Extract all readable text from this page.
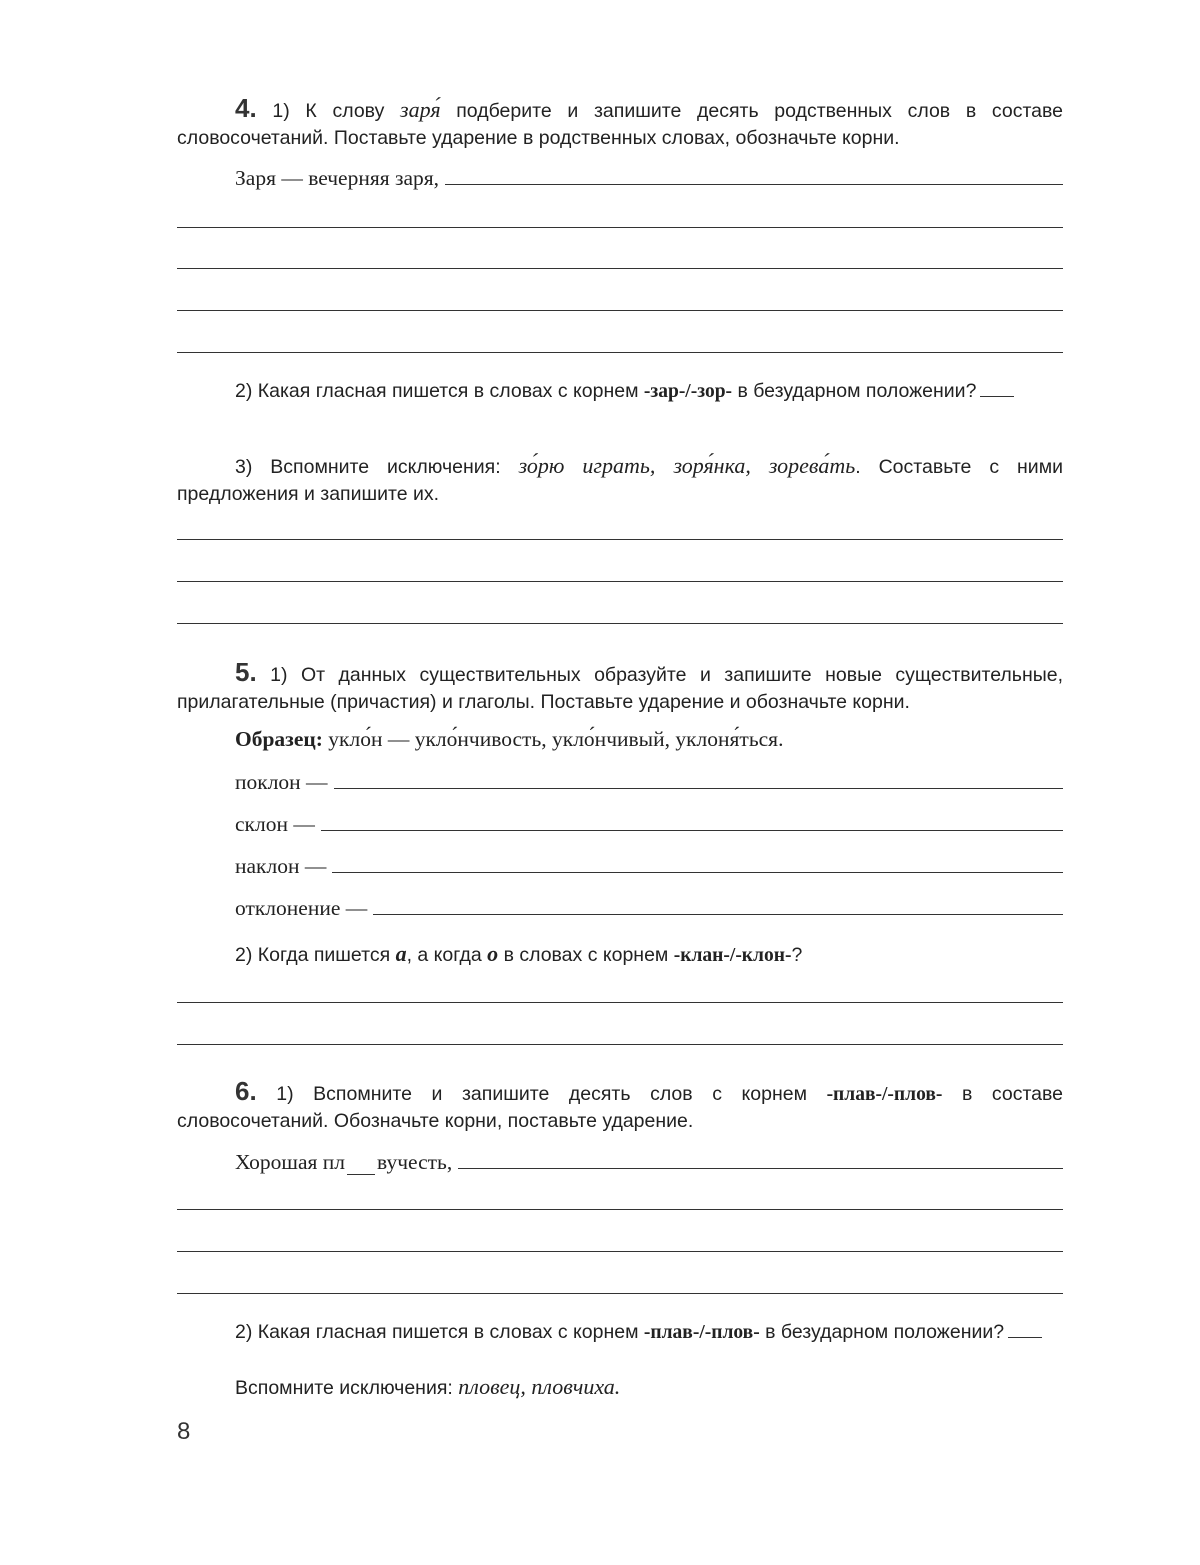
4. 1) К слову заря́ подберите и запишите десять родственных слов в составе словосочетаний. Поставьте ударение в родственных словах, обозначьте корни.
Заря — вечерняя заря,
2) Какая гласная пишется в словах с корнем -зар-/-зор- в безударном положении?
3) Вспомните исключения: зо́рю играть, зоря́нка, зорева́ть. Составьте с ними предложения и запишите их.
5. 1) От данных существительных образуйте и запишите новые существительные, прилагательные (причастия) и глаголы. Поставьте ударение и обозначьте корни.
Образец: укло́н — укло́нчивость, укло́нчивый, уклоня́ться.
поклон —
склон —
наклон —
отклонение —
2) Когда пишется а, а когда о в словах с корнем -клан-/-клон-?
6. 1) Вспомните и запишите десять слов с корнем -плав-/-плов- в составе словосочетаний. Обозначьте корни, поставьте ударение.
Хорошая пл вучесть,
2) Какая гласная пишется в словах с корнем -плав-/-плов- в безударном положении?
Вспомните исключения: пловец, пловчиха.
8
